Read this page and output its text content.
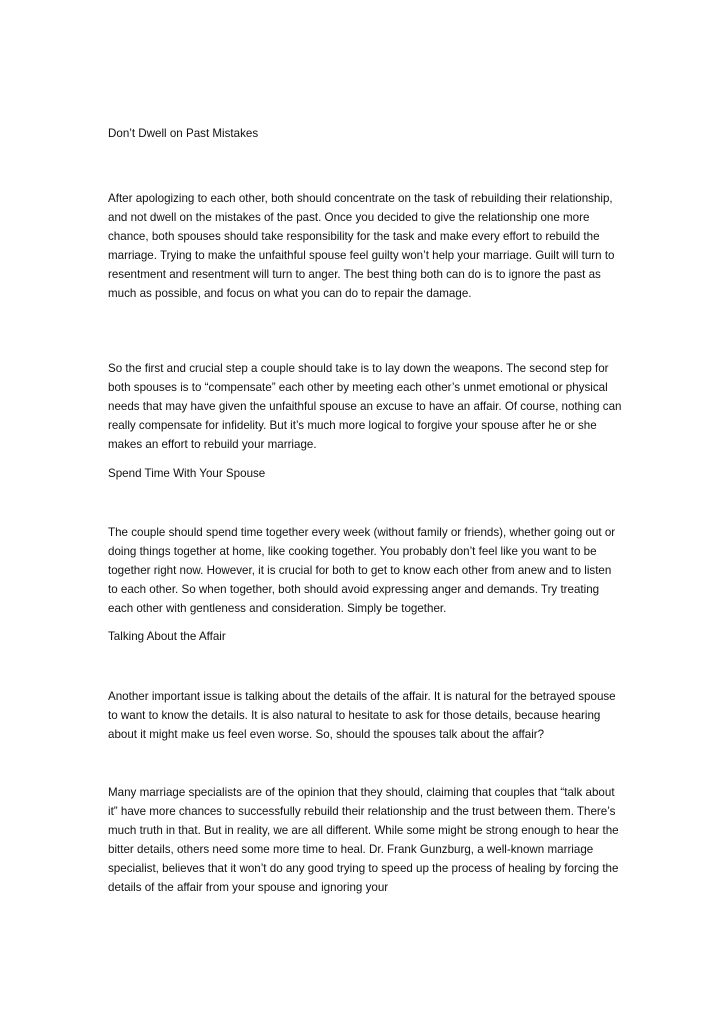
Don’t Dwell on Past Mistakes

After apologizing to each other, both should concentrate on the task of rebuilding their relationship, and not dwell on the mistakes of the past. Once you decided to give the relationship one more chance, both spouses should take responsibility for the task and make every effort to rebuild the marriage. Trying to make the unfaithful spouse feel guilty won’t help your marriage. Guilt will turn to resentment and resentment will turn to anger. The best thing both can do is to ignore the past as much as possible, and focus on what you can do to repair the damage.

So the first and crucial step a couple should take is to lay down the weapons. The second step for both spouses is to “compensate” each other by meeting each other’s unmet emotional or physical needs that may have given the unfaithful spouse an excuse to have an affair. Of course, nothing can really compensate for infidelity. But it’s much more logical to forgive your spouse after he or she makes an effort to rebuild your marriage.

Spend Time With Your Spouse

The couple should spend time together every week (without family or friends), whether going out or doing things together at home, like cooking together. You probably don’t feel like you want to be together right now. However, it is crucial for both to get to know each other from anew and to listen to each other. So when together, both should avoid expressing anger and demands. Try treating each other with gentleness and consideration. Simply be together.

Talking About the Affair

Another important issue is talking about the details of the affair. It is natural for the betrayed spouse to want to know the details. It is also natural to hesitate to ask for those details, because hearing about it might make us feel even worse. So, should the spouses talk about the affair?

Many marriage specialists are of the opinion that they should, claiming that couples that “talk about it” have more chances to successfully rebuild their relationship and the trust between them. There’s much truth in that. But in reality, we are all different. While some might be strong enough to hear the bitter details, others need some more time to heal. Dr. Frank Gunzburg, a well-known marriage specialist, believes that it won’t do any good trying to speed up the process of healing by forcing the details of the affair from your spouse and ignoring your
